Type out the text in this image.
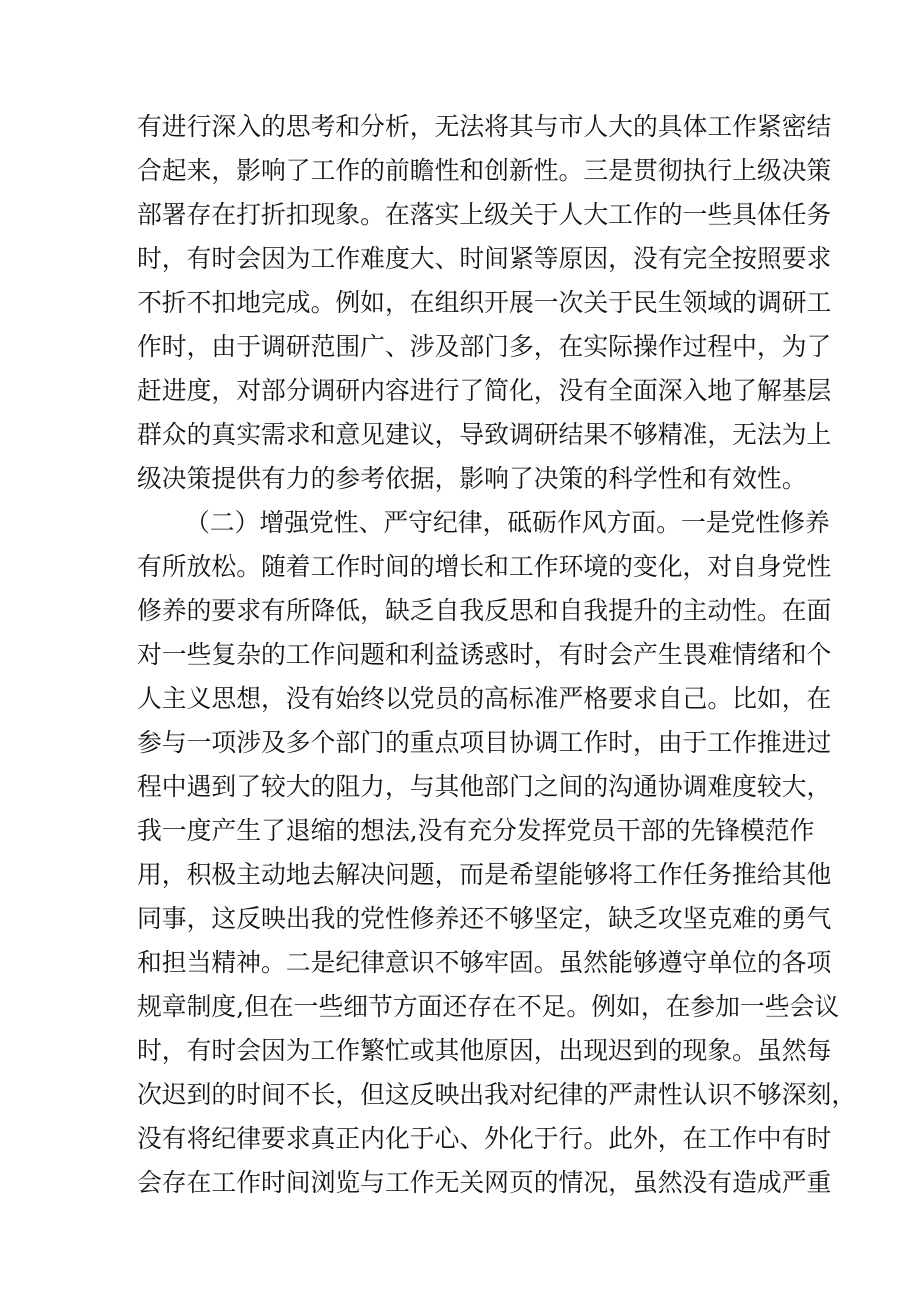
有进行深入的思考和分析，无法将其与市人大的具体工作紧密结
合起来，影响了工作的前瞻性和创新性。三是贯彻执行上级决策
部署存在打折扣现象。在落实上级关于人大工作的一些具体任务
时，有时会因为工作难度大、时间紧等原因，没有完全按照要求
不折不扣地完成。例如，在组织开展一次关于民生领域的调研工
作时，由于调研范围广、涉及部门多，在实际操作过程中，为了
赶进度，对部分调研内容进行了简化，没有全面深入地了解基层
群众的真实需求和意见建议，导致调研结果不够精准，无法为上
级决策提供有力的参考依据，影响了决策的科学性和有效性。
（二）增强党性、严守纪律，砥砺作风方面。一是党性修养
有所放松。随着工作时间的增长和工作环境的变化，对自身党性
修养的要求有所降低，缺乏自我反思和自我提升的主动性。在面
对一些复杂的工作问题和利益诱惑时，有时会产生畏难情绪和个
人主义思想，没有始终以党员的高标准严格要求自己。比如，在
参与一项涉及多个部门的重点项目协调工作时，由于工作推进过
程中遇到了较大的阻力，与其他部门之间的沟通协调难度较大，
我一度产生了退缩的想法,没有充分发挥党员干部的先锋模范作
用，积极主动地去解决问题，而是希望能够将工作任务推给其他
同事，这反映出我的党性修养还不够坚定，缺乏攻坚克难的勇气
和担当精神。二是纪律意识不够牢固。虽然能够遵守单位的各项
规章制度,但在一些细节方面还存在不足。例如，在参加一些会议
时，有时会因为工作繁忙或其他原因，出现迟到的现象。虽然每
次迟到的时间不长，但这反映出我对纪律的严肃性认识不够深刻，
没有将纪律要求真正内化于心、外化于行。此外，在工作中有时
会存在工作时间浏览与工作无关网页的情况，虽然没有造成严重
